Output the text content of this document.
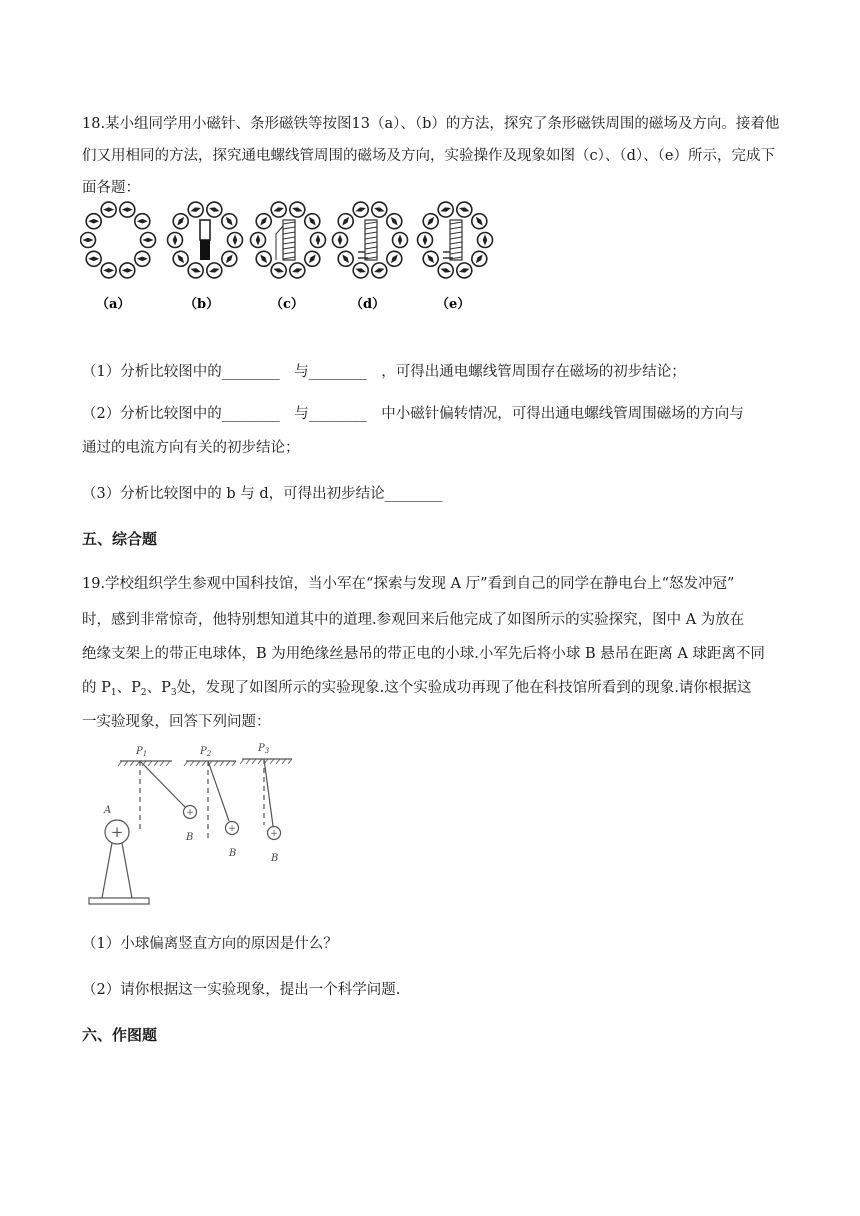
18.某小组同学用小磁针、条形磁铁等按图13（a）、（b）的方法，探究了条形磁铁周围的磁场及方向。接着他们又用相同的方法，探究通电螺线管周围的磁场及方向，实验操作及现象如图（c）、（d）、（e）所示，完成下面各题：

（a）	（b）	（c）	（d）	（e）
（1）分析比较图中的________　与________　，可得出通电螺线管周围存在磁场的初步结论；
（2）分析比较图中的________　与________　中小磁针偏转情况，可得出通电螺线管周围磁场的方向与
通过的电流方向有关的初步结论；
（3）分析比较图中的 b 与 d，可得出初步结论________
五、综合题
19.学校组织学生参观中国科技馆，当小军在“探索与发现 A 厅”看到自己的同学在静电台上“怒发冲冠”
时，感到非常惊奇，他特别想知道其中的道理.参观回来后他完成了如图所示的实验探究，图中 A 为放在
绝缘支架上的带正电球体，B 为用绝缘丝悬吊的带正电的小球.小军先后将小球 B 悬吊在距离 A 球距离不同
的 $P_1$、$P_2$、$P_3$处，发现了如图所示的实验现象.这个实验成功再现了他在科技馆所看到的现象.请你根据这
一实验现象，回答下列问题：
+
+	+
+
$P_1$	$P_2$	$P_3$
A
B
B	B
（1）小球偏离竖直方向的原因是什么？
（2）请你根据这一实验现象，提出一个科学问题.
六、作图题
